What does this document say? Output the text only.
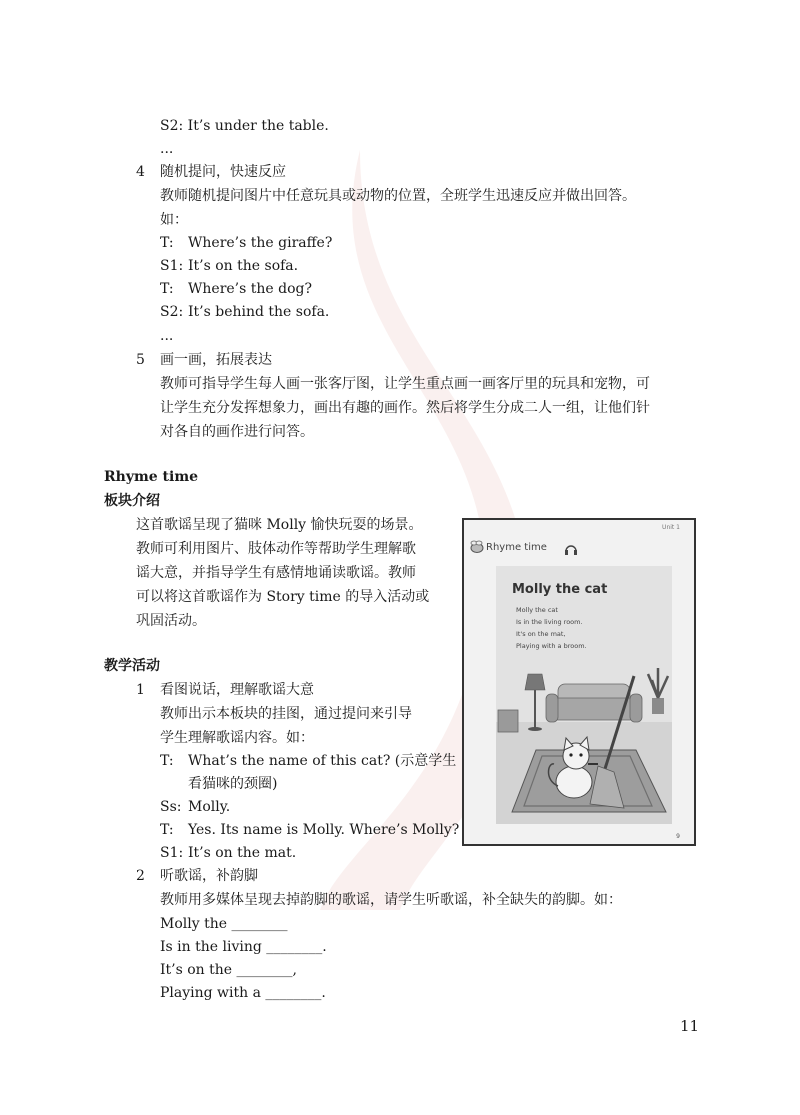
S2: It’s under the table.
...
4 随机提问，快速反应
教师随机提问图片中任意玩具或动物的位置，全班学生迅速反应并做出回答。
如：
T: Where’s the giraffe?
S1: It’s on the sofa.
T: Where’s the dog?
S2: It’s behind the sofa.
...
5 画一画，拓展表达
教师可指导学生每人画一张客厅图，让学生重点画一画客厅里的玩具和宠物，可
让学生充分发挥想象力，画出有趣的画作。然后将学生分成二人一组，让他们针
对各自的画作进行问答。
Rhyme time
板块介绍
这首歌谣呈现了猫咪 Molly 愉快玩耍的场景。
教师可利用图片、肢体动作等帮助学生理解歌
谣大意，并指导学生有感情地诵读歌谣。教师
可以将这首歌谣作为 Story time 的导入活动或
巩固活动。
教学活动
1 看图说话，理解歌谣大意
教师出示本板块的挂图，通过提问来引导
学生理解歌谣内容。如：
T: What’s the name of this cat? (示意学生
看猫咪的颈圈)
Ss: Molly.
T: Yes. Its name is Molly. Where’s Molly?
S1: It’s on the mat.
2 听歌谣，补韵脚
教师用多媒体呈现去掉韵脚的歌谣，请学生听歌谣，补全缺失的韵脚。如：
Molly the ________
Is in the living ________.
It’s on the ________,
Playing with a ________.
11
Unit 1
Rhyme time
Molly the cat
Molly the cat
Is in the living room.
It's on the mat,
Playing with a broom.
9
